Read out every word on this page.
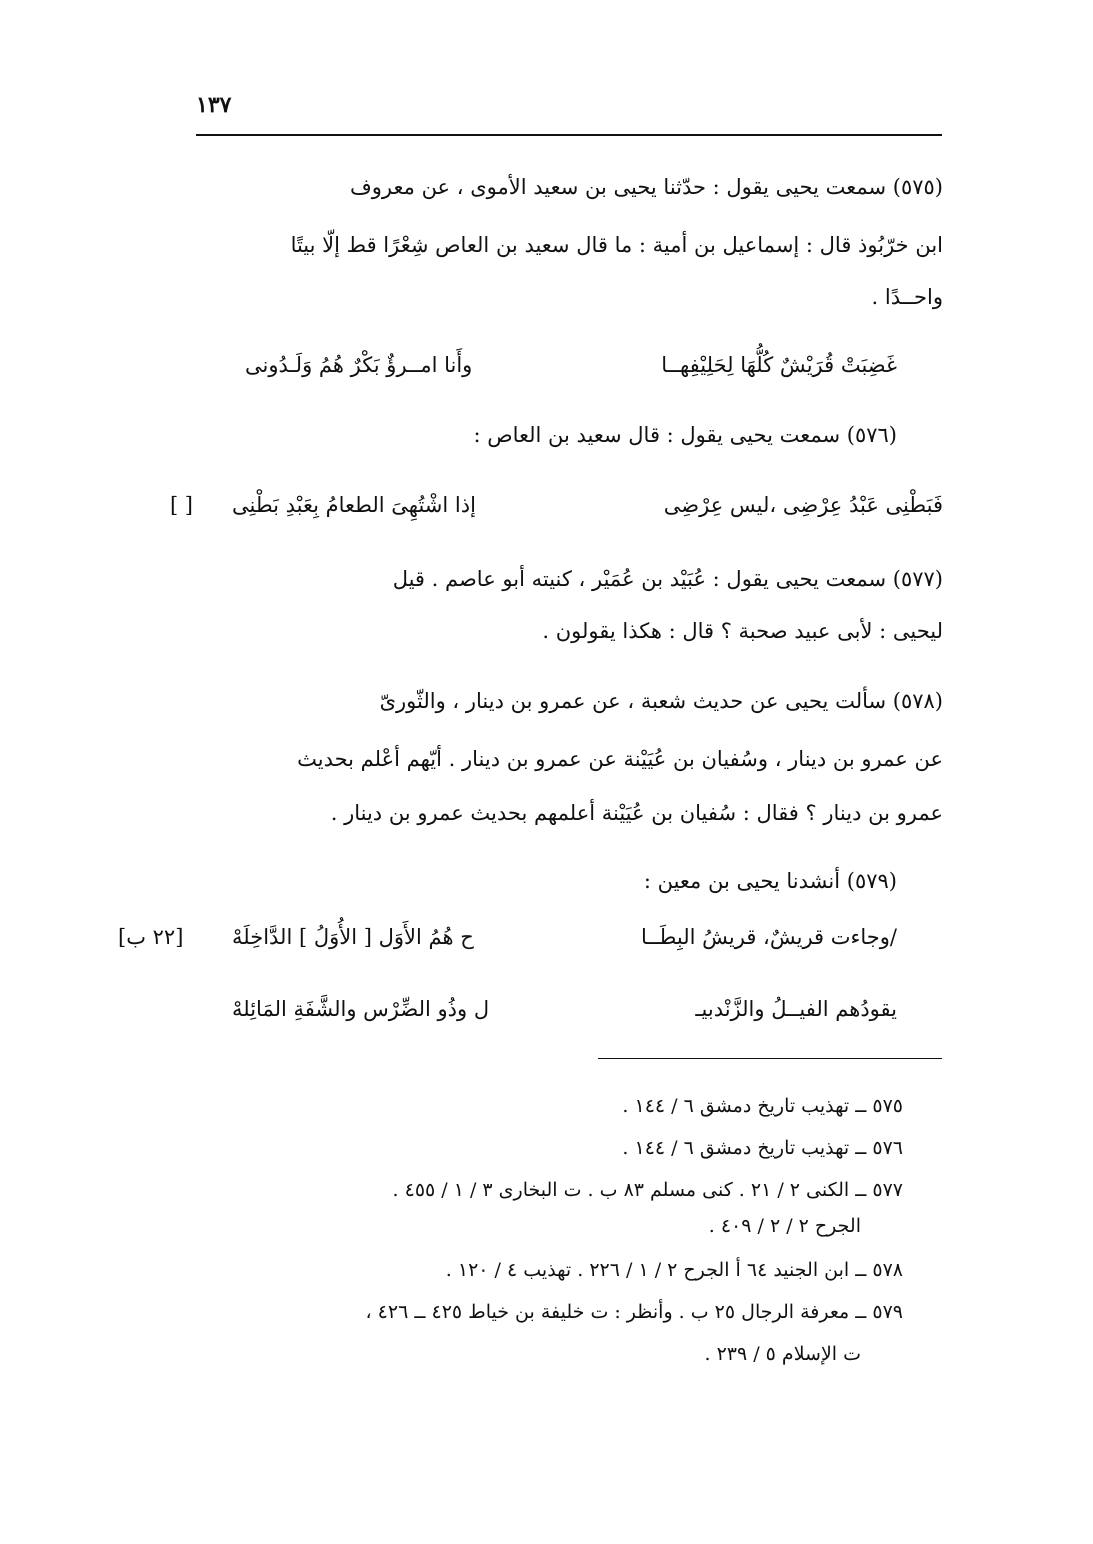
١٣٧
(٥٧٥) سمعت يحيى يقول : حدّثنا يحيى بن سعيد الأموى ، عن معروف
ابن خرّبُوذ قال : إسماعيل بن أمية : ما قال سعيد بن العاص شِعْرًا قط إلّا بيتًا
واحــدًا .
غَضِبَتْ قُرَيْشٌ كُلُّهَا لِحَلِيْفِهــا
وأَنا امــرؤٌ بَكْرٌ هُمُ وَلَـدُونى
(٥٧٦) سمعت يحيى يقول : قال سعيد بن العاص :
فَبَطْنِى عَبْدُ عِرْضِى ،ليس عِرْضِى
إذا اشْتُهِىَ الطعامُ بِعَبْدِ بَطْنِى
[ ]
(٥٧٧) سمعت يحيى يقول : عُبَيْد بن عُمَيْر ، كنيته أبو عاصم . قيل
ليحيى : لأبى عبيد صحبة ؟ قال : هكذا يقولون .
(٥٧٨) سألت يحيى عن حديث شعبة ، عن عمرو بن دينار ، والثّورىّ
عن عمرو بن دينار ، وسُفيان بن عُيَيْنة عن عمرو بن دينار . أيّهم أعْلم بحديث
عمرو بن دينار ؟ فقال : سُفيان بن عُيَيْنة أعلمهم بحديث عمرو بن دينار .
(٥٧٩) أنشدنا يحيى بن معين :
/وجاءت قريشٌ، قريشُ البِطَــا
ح هُمُ الأَوَل [ الأُوَلُ ] الدَّاخِلَهْ
[٢٢ ب]
يقودُهم الفيــلُ والزَّنْدبيـ
ل وذُو الضِّرْس والشَّفَةِ المَائِلهْ
٥٧٥ ــ تهذيب تاريخ دمشق ٦ / ١٤٤ .
٥٧٦ ــ تهذيب تاريخ دمشق ٦ / ١٤٤ .
٥٧٧ ــ الكنى ٢ / ٢١ . كنى مسلم ٨٣ ب . ت البخارى ٣ / ١ / ٤٥٥ .
الجرح ٢ / ٢ / ٤٠٩ .
٥٧٨ ــ ابن الجنيد ٦٤ أ الجرح ٢ / ١ / ٢٢٦ . تهذيب ٤ / ١٢٠ .
٥٧٩ ــ معرفة الرجال ٢٥ ب . وأنظر : ت خليفة بن خياط ٤٢٥ ــ ٤٢٦ ،
ت الإسلام ٥ / ٢٣٩ .
